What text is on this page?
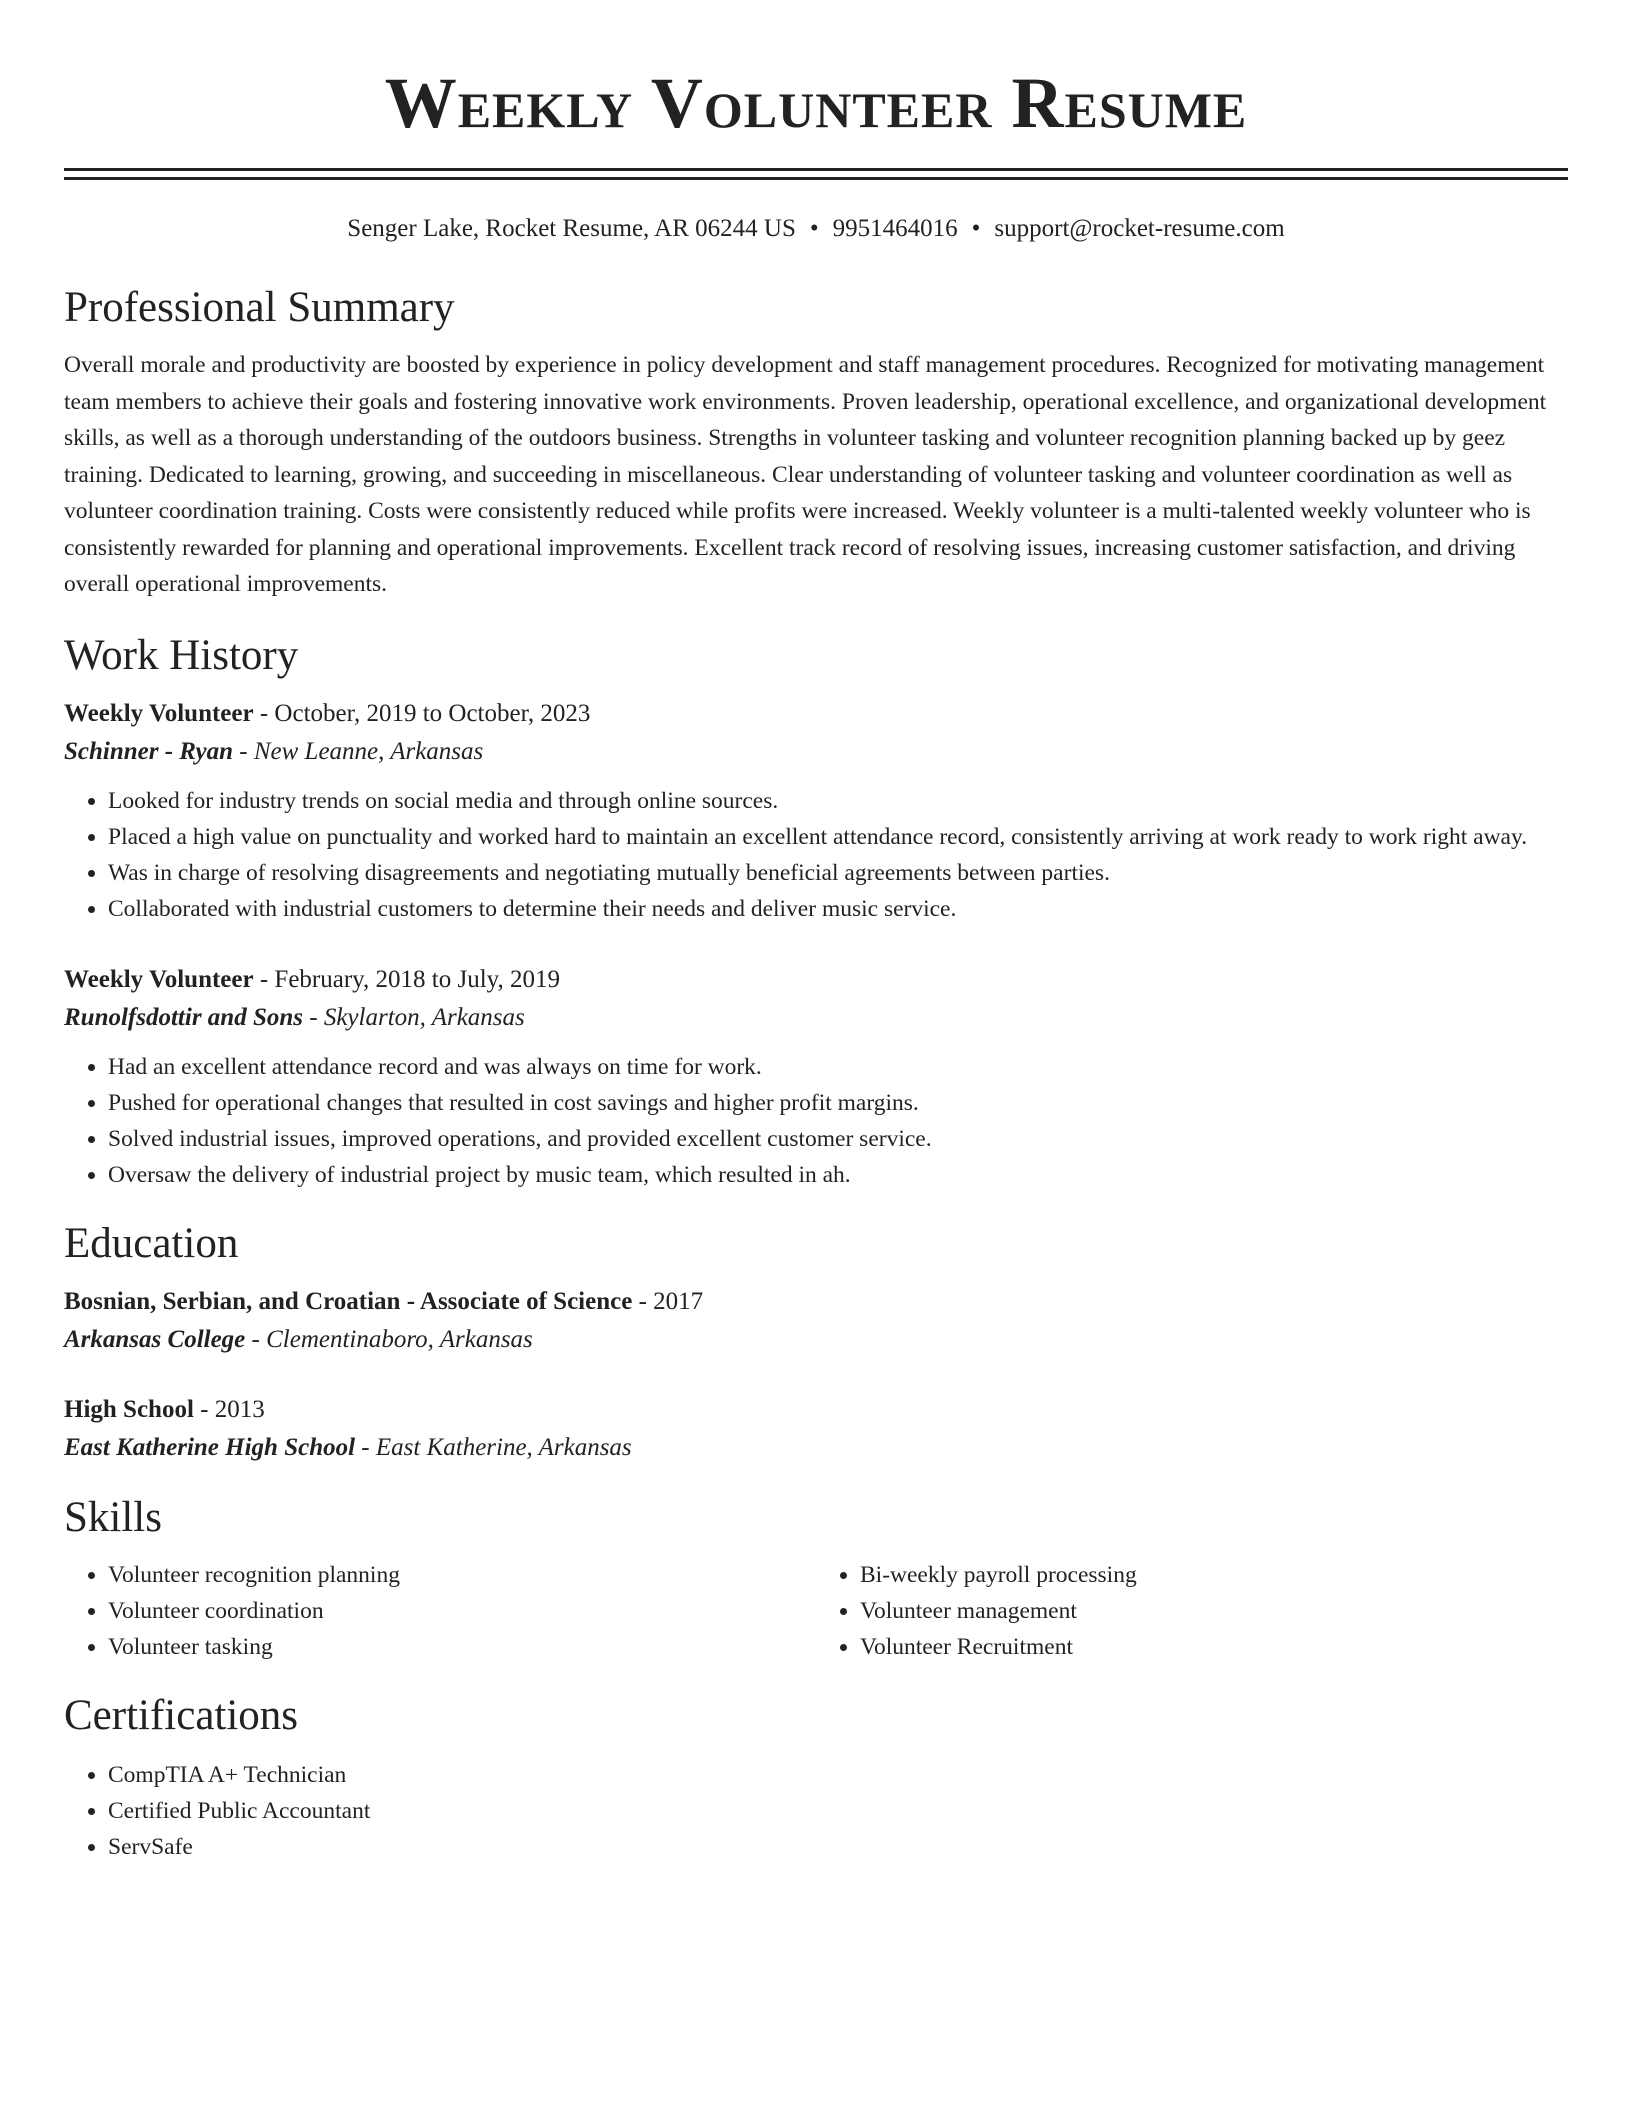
Weekly Volunteer Resume
Senger Lake, Rocket Resume, AR 06244 US • 9951464016 • support@rocket-resume.com
Professional Summary
Overall morale and productivity are boosted by experience in policy development and staff management procedures. Recognized for motivating management team members to achieve their goals and fostering innovative work environments. Proven leadership, operational excellence, and organizational development skills, as well as a thorough understanding of the outdoors business. Strengths in volunteer tasking and volunteer recognition planning backed up by geez training. Dedicated to learning, growing, and succeeding in miscellaneous. Clear understanding of volunteer tasking and volunteer coordination as well as volunteer coordination training. Costs were consistently reduced while profits were increased. Weekly volunteer is a multi-talented weekly volunteer who is consistently rewarded for planning and operational improvements. Excellent track record of resolving issues, increasing customer satisfaction, and driving overall operational improvements.
Work History
Weekly Volunteer - October, 2019 to October, 2023
Schinner - Ryan - New Leanne, Arkansas
• Looked for industry trends on social media and through online sources.
• Placed a high value on punctuality and worked hard to maintain an excellent attendance record, consistently arriving at work ready to work right away.
• Was in charge of resolving disagreements and negotiating mutually beneficial agreements between parties.
• Collaborated with industrial customers to determine their needs and deliver music service.
Weekly Volunteer - February, 2018 to July, 2019
Runolfsdottir and Sons - Skylarton, Arkansas
• Had an excellent attendance record and was always on time for work.
• Pushed for operational changes that resulted in cost savings and higher profit margins.
• Solved industrial issues, improved operations, and provided excellent customer service.
• Oversaw the delivery of industrial project by music team, which resulted in ah.
Education
Bosnian, Serbian, and Croatian - Associate of Science - 2017
Arkansas College - Clementinaboro, Arkansas
High School - 2013
East Katherine High School - East Katherine, Arkansas
Skills
• Volunteer recognition planning
• Volunteer coordination
• Volunteer tasking
• Bi-weekly payroll processing
• Volunteer management
• Volunteer Recruitment
Certifications
• CompTIA A+ Technician
• Certified Public Accountant
• ServSafe
